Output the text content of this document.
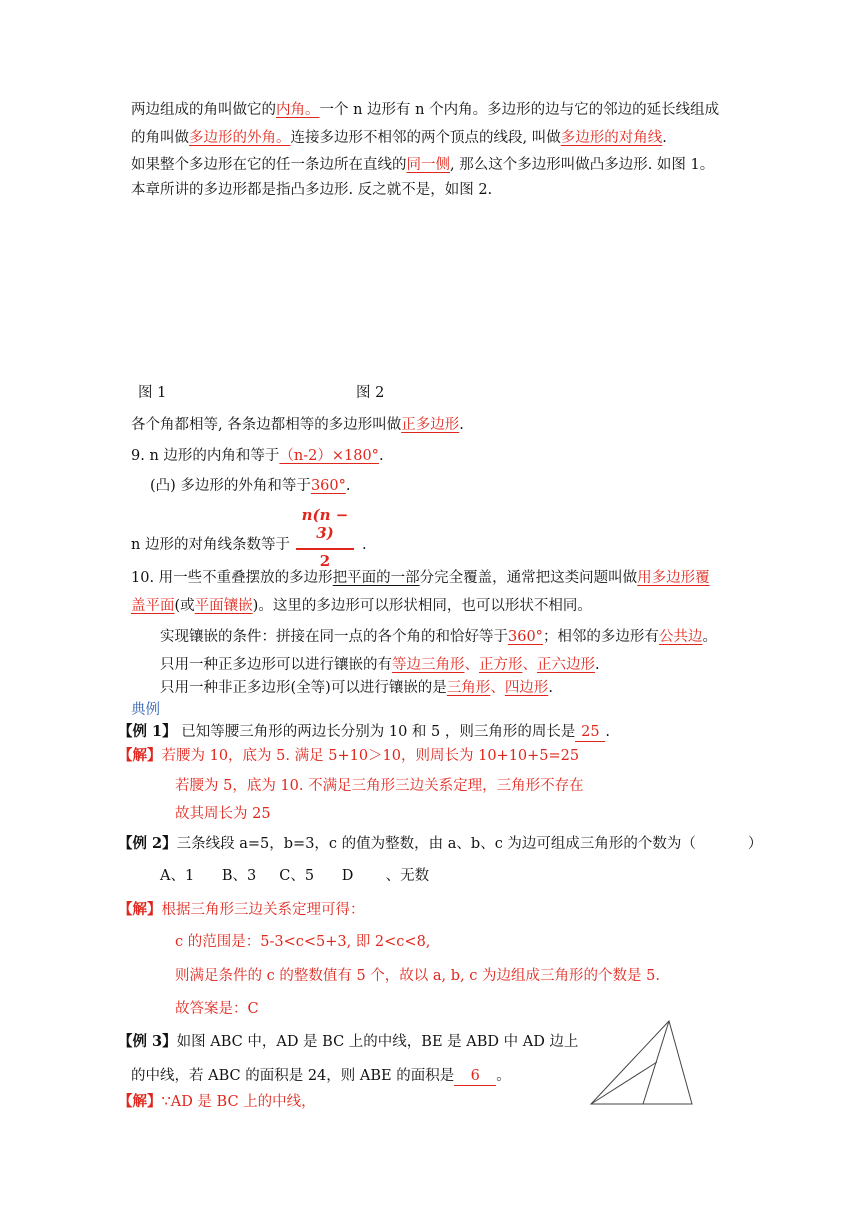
两边组成的角叫做它的内角。一个 n 边形有 n 个内角。多边形的边与它的邻边的延长线组成
的角叫做多边形的外角。连接多边形不相邻的两个顶点的线段, 叫做多边形的对角线.
如果整个多边形在它的任一条边所在直线的同一侧, 那么这个多边形叫做凸多边形. 如图 1。
本章所讲的多边形都是指凸多边形. 反之就不是，如图 2.
图 1	图 2
各个角都相等, 各条边都相等的多边形叫做正多边形.
9. n 边形的内角和等于（n-2）×180°.
(凸) 多边形的外角和等于360°.
$\frac{n(n - 3)}{2}$
n 边形的对角线条数等于	.
10. 用一些不重叠摆放的多边形把平面的一部分完全覆盖，通常把这类问题叫做用多边形覆
盖平面(或平面镶嵌)。这里的多边形可以形状相同，也可以形状不相同。
实现镶嵌的条件：拼接在同一点的各个角的和恰好等于360°；相邻的多边形有公共边。
只用一种正多边形可以进行镶嵌的有等边三角形、正方形、正六边形.
只用一种非正多边形(全等)可以进行镶嵌的是三角形、四边形.
典例
【例 1】 已知等腰三角形的两边长分别为 10 和 5 ，则三角形的周长是 25 .
【解】若腰为 10，底为 5. 满足 5+10＞10，则周长为 10+10+5=25
若腰为 5，底为 10. 不满足三角形三边关系定理，三角形不存在
故其周长为 25
【例 2】三条线段 a=5，b=3，c 的值为整数，由 a、b、c 为边可组成三角形的个数为（	）
A、1      B、3     C、5      D       、无数
【解】根据三角形三边关系定理可得：
c 的范围是：5-3<c<5+3, 即 2<c<8,
则满足条件的 c 的整数值有 5 个，故以 a, b, c 为边组成三角形的个数是 5.
故答案是：C
【例 3】如图 ABC 中，AD 是 BC 上的中线，BE 是 ABD 中 AD 边上
的中线，若 ABC 的面积是 24，则 ABE 的面积是 6 。
【解】∵AD 是 BC 上的中线，
